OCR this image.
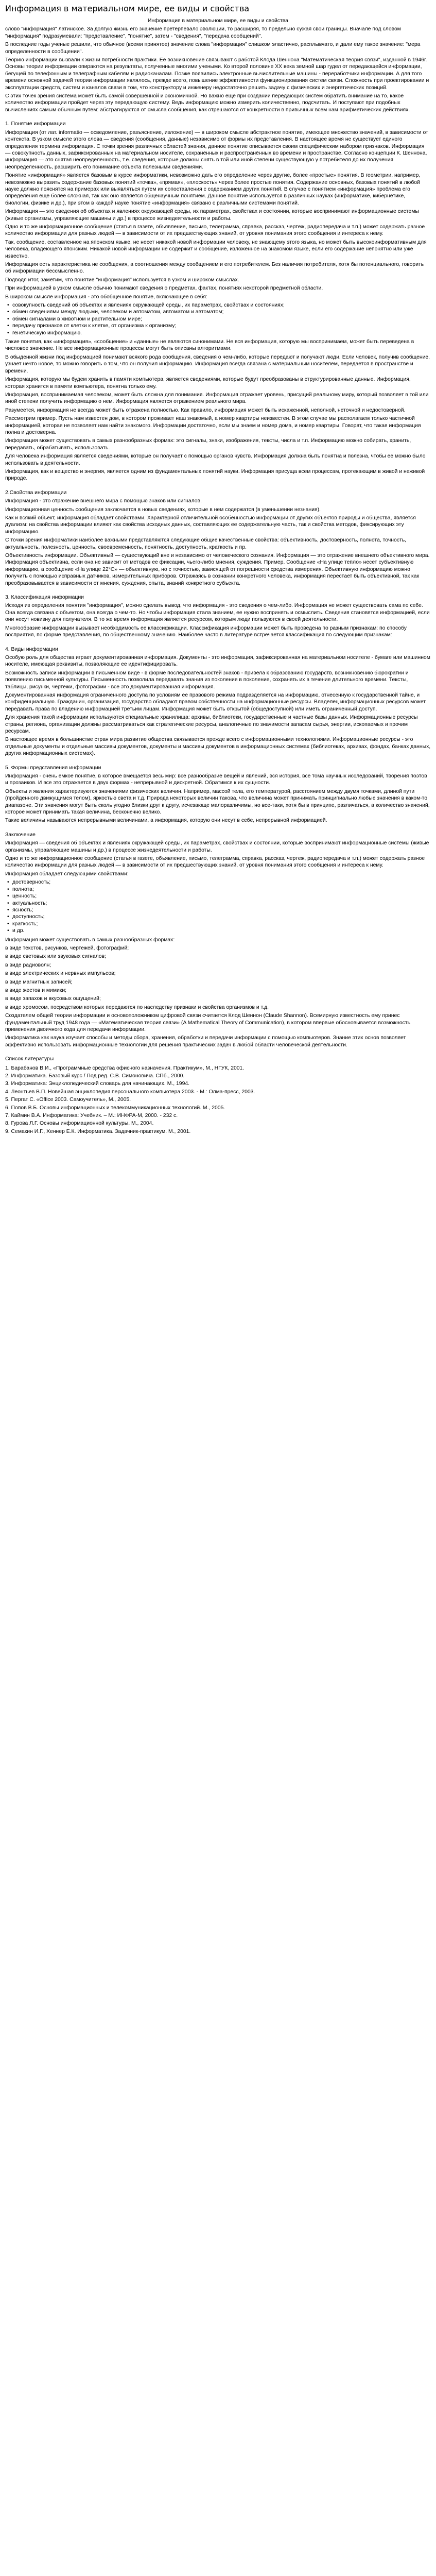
Информация в материальном мире, ее виды и свойства

Информация в материальном мире, ее виды и свойства

слово "информация" латинское. За долгую жизнь его значение претерпевало эволюции, то расширяя, то предельно сужая свои границы. Вначале под словом "информация" подразумевали: "представление", "понятие", затем - "сведения", "передача сообщений".

В последние годы ученые решили, что обычное (всеми принятое) значение слова "информация" слишком эластично, расплывчато, и дали ему такое значение: "мера определенности в сообщении".

Теорию информации вызвали к жизни потребности практики. Ее возникновение связывают с работой Клода Шеннона "Математическая теория связи", изданной в 1946г. Основы теории информации опираются на результаты, полученные многими учеными. Ко второй половине XX века земной шар гудел от передающейся информации, бегущей по телефонным и телеграфным кабелям и радиоканалам. Позже появились электронные вычислительные машины - переработчики информации. А для того времени основной задачей теории информации являлось, прежде всего, повышение эффективности функционирования систем связи. Сложность при проектировании и эксплуатации средств, систем и каналов связи в том, что конструктору и инженеру недостаточно решить задачу с физических и энергетических позиций.

С этих точек зрения система может быть самой совершенной и экономичной. Но важно еще при создании передающих систем обратить внимание на то, какое количество информации пройдет через эту передающую систему. Ведь информацию можно измерить количественно, подсчитать. И поступают при подобных вычислениях самым обычным путем: абстрагируются от смысла сообщения, как отрешаются от конкретности в привычных всем нам арифметических действиях.

1. Понятие информации

Информация (от лат. informatio — осведомление, разъяснение, изложение) — в широком смысле абстрактное понятие, имеющее множество значений, в зависимости от контекста. В узком смысле этого слова — сведения (сообщения, данные) независимо от формы их представления. В настоящее время не существует единого определения термина информация. С точки зрения различных областей знания, данное понятие описывается своим специфическим набором признаков. Информация — совокупность данных, зафиксированных на материальном носителе, сохранённых и распространённых во времени и пространстве. Согласно концепции К. Шеннона, информация — это снятая неопределенность, т.е. сведения, которые должны снять в той или иной степени существующую у потребителя до их получения неопределенность, расширить его понимание объекта полезными сведениями.

Понятие «информация» является базовым в курсе информатики, невозможно дать его определение через другие, более «простые» понятия. В геометрии, например, невозможно выразить содержание базовых понятий «точка», «прямая», «плоскость» через более простые понятия. Содержание основных, базовых понятий в любой науке должно пояснятся на примерах или выявляться путем их сопоставления с содержанием других понятий. В случае с понятием «информация» проблема его определения еще более сложная, так как оно является общенаучным понятием. Данное понятие используется в различных науках (информатике, кибернетике, биологии, физике и др.), при этом в каждой науке понятие «информация» связано с различными системами понятий.

Информация — это сведения об объектах и явлениях окружающей среды, их параметрах, свойствах и состоянии, которые воспринимают информационные системы (живые организмы, управляющие машины и др.) в процессе жизнедеятельности и работы.

Одно и то же информационное сообщение (статья в газете, объявление, письмо, телеграмма, справка, рассказ, чертеж, радиопередача и т.п.) может содержать разное количество информации для разных людей — в зависимости от их предшествующих знаний, от уровня понимания этого сообщения и интереса к нему.

Так, сообщение, составленное на японском языке, не несет никакой новой информации человеку, не знающему этого языка, но может быть высокоинформативным для человека, владеющего японским. Никакой новой информации не содержит и сообщение, изложенное на знакомом языке, если его содержание непонятно или уже известно.

Информация есть характеристика не сообщения, а соотношения между сообщением и его потребителем. Без наличия потребителя, хотя бы потенциального, говорить об информации бессмысленно.

Подводя итог, заметим, что понятие "информация" используется в узком и широком смыслах.

При информацией в узком смысле обычно понимают сведения о предметах, фактах, понятиях некоторой предметной области.

В широком смысле информация - это обобщенное понятие, включающее в себя:

• совокупность сведений об объектах и явлениях окружающей среды, их параметрах, свойствах и состояниях;
• обмен сведениями между людьми, человеком и автоматом, автоматом и автоматом;
• обмен сигналами в животном и растительном мире;
• передачу признаков от клетки к клетке, от организма к организму;
• генетическую информацию.

Такие понятия, как «информация», «сообщение» и «данные» не являются синонимами. Не вся информация, которую мы воспринимаем, может быть переведена в числовое значение. Не все информационные процессы могут быть описаны алгоритмами.

В обыденной жизни под информацией понимают всякого рода сообщения, сведения о чем-либо, которые передают и получают люди. Если человек, получив сообщение, узнает нечто новое, то можно говорить о том, что он получил информацию. Информация всегда связана с материальным носителем, передается в пространстве и времени.

Информация, которую мы будем хранить в памяти компьютера, является сведениями, которые будут преобразованы в структурированные данные. Информация, которая хранится в памяти компьютера, понятна только ему.

Информация, воспринимаемая человеком, может быть сложна для понимания. Информация отражает уровень, присущий реальному миру, который позволяет в той или иной степени получить информацию о нем. Информация является отражением реального мира.

Разумеется, информация не всегда может быть отражена полностью. Как правило, информация может быть искаженной, неполной, неточной и недостоверной.

Рассмотрим пример. Пусть нам известен дом, в котором проживает наш знакомый, а номер квартиры неизвестен. В этом случае мы располагаем только частичной информацией, которая не позволяет нам найти знакомого. Информации достаточно, если мы знаем и номер дома, и номер квартиры. Говорят, что такая информация полна и достоверна.

Информация может существовать в самых разнообразных формах: это сигналы, знаки, изображения, тексты, числа и т.п. Информацию можно собирать, хранить, передавать, обрабатывать, использовать.

Для человека информация является сведениями, которые он получает с помощью органов чувств. Информация должна быть понятна и полезна, чтобы ее можно было использовать в деятельности.

Информация, как и вещество и энергия, является одним из фундаментальных понятий науки. Информация присуща всем процессам, протекающим в живой и неживой природе.

2.Свойства информации

Информация - это отражение внешнего мира с помощью знаков или сигналов.

Информационная ценность сообщения заключается в новых сведениях, которые в нем содержатся (в уменьшении незнания).

Как и всякий объект, информация обладает свойствами. Характерной отличительной особенностью информации от других объектов природы и общества, является дуализм: на свойства информации влияют как свойства исходных данных, составляющих ее содержательную часть, так и свойства методов, фиксирующих эту информацию.

С точки зрения информатики наиболее важными представляются следующие общие качественные свойства: объективность, достоверность, полнота, точность, актуальность, полезность, ценность, своевременность, понятность, доступность, краткость и пр.

Объективность информации. Объективный — существующий вне и независимо от человеческого сознания. Информация — это отражение внешнего объективного мира. Информация объективна, если она не зависит от методов ее фиксации, чьего-либо мнения, суждения. Пример. Сообщение «На улице тепло» несет субъективную информацию, а сообщение «На улице 22°С» — объективную, но с точностью, зависящей от погрешности средства измерения. Объективную информацию можно получить с помощью исправных датчиков, измерительных приборов. Отражаясь в сознании конкретного человека, информация перестает быть объективной, так как преобразовывается в зависимости от мнения, суждения, опыта, знаний конкретного субъекта.

3. Классификация информации

Исходя из определения понятия "информация", можно сделать вывод, что информация - это сведения о чем-либо. Информация не может существовать сама по себе. Она всегда связана с объектом, она всегда о чем-то. Но чтобы информация стала знанием, ее нужно воспринять и осмыслить. Сведения становятся информацией, если они несут новизну для получателя. В то же время информация является ресурсом, которым люди пользуются в своей деятельности.

Многообразие информации вызывает необходимость ее классификации. Классификация информации может быть проведена по разным признакам: по способу восприятия, по форме представления, по общественному значению. Наиболее часто в литературе встречается классификация по следующим признакам:

4. Виды информации

Особую роль для общества играет документированная информация. Документы - это информация, зафиксированная на материальном носителе - бумаге или машинном носителе, имеющая реквизиты, позволяющие ее идентифицировать.

Возможность записи информации в письменном виде - в форме последовательностей знаков - привела к образованию государств, возникновению бюрократии и появлению письменной культуры. Письменность позволила передавать знания из поколения в поколение, сохранять их в течение длительного времени. Тексты, таблицы, рисунки, чертежи, фотографии - все это документированная информация.

Документированная информация ограниченного доступа по условиям ее правового режима подразделяется на информацию, отнесенную к государственной тайне, и конфиденциальную. Гражданин, организация, государство обладают правом собственности на информационные ресурсы. Владелец информационных ресурсов может передавать права по владению информацией третьим лицам. Информация может быть открытой (общедоступной) или иметь ограниченный доступ.

Для хранения такой информации используются специальные хранилища: архивы, библиотеки, государственные и частные базы данных. Информационные ресурсы страны, региона, организации должны рассматриваться как стратегические ресурсы, аналогичные по значимости запасам сырья, энергии, ископаемых и прочим ресурсам.

В настоящее время в большинстве стран мира развитие общества связывается прежде всего с информационными технологиями. Информационные ресурсы - это отдельные документы и отдельные массивы документов, документы и массивы документов в информационных системах (библиотеках, архивах, фондах, банках данных, других информационных системах).

5. Формы представления информации

Информация - очень емкое понятие, в которое вмещается весь мир: все разнообразие вещей и явлений, вся история, все тома научных исследований, творения поэтов и прозаиков. И все это отражается в двух формах - непрерывной и дискретной. Обратимся к их сущности.

Объекты и явления характеризуются значениями физических величин. Например, массой тела, его температурой, расстоянием между двумя точками, длиной пути (пройденного движущимся телом), яркостью света и т.д. Природа некоторых величин такова, что величина может принимать принципиально любые значения в каком-то диапазоне. Эти значения могут быть сколь угодно близки друг к другу, исчезающе малоразличимы, но все-таки, хотя бы в принципе, различаться, а количество значений, которое может принимать такая величина, бесконечно велико.

Такие величины называются непрерывными величинами, а информация, которую они несут в себе, непрерывной информацией.

Заключение

Информация — сведения об объектах и явлениях окружающей среды, их параметрах, свойствах и состоянии, которые воспринимают информационные системы (живые организмы, управляющие машины и др.) в процессе жизнедеятельности и работы.

Одно и то же информационное сообщение (статья в газете, объявление, письмо, телеграмма, справка, рассказ, чертеж, радиопередача и т.п.) может содержать разное количество информации для разных людей — в зависимости от их предшествующих знаний, от уровня понимания этого сообщения и интереса к нему.

Информация обладает следующими свойствами:

• достоверность;
• полнота;
• ценность;
• актуальность;
• ясность;
• доступность;
• краткость;
• и др.

Информация может существовать в самых разнообразных формах:

в виде текстов, рисунков, чертежей, фотографий;

в виде световых или звуковых сигналов;

в виде радиоволн;

в виде электрических и нервных импульсов;

в виде магнитных записей;

в виде жестов и мимики;

в виде запахов и вкусовых ощущений;

в виде хромосом, посредством которых передаются по наследству признаки и свойства организмов и т.д.

Создателем общей теории информации и основоположником цифровой связи считается Клод Шеннон (Claude Shannon). Всемирную известность ему принес фундаментальный труд 1948 года — «Математическая теория связи» (A Mathematical Theory of Communication), в котором впервые обосновывается возможность применения двоичного кода для передачи информации.

Информатика как наука изучает способы и методы сбора, хранения, обработки и передачи информации с помощью компьютеров. Знание этих основ позволяет эффективно использовать информационные технологии для решения практических задач в любой области человеческой деятельности.

Список литературы

1. Барабанов В.И., «Программные средства офисного назначения. Практикум», М., НГУК, 2001.
2. Информатика. Базовый курс / Под ред. С.В. Симоновича. СПб., 2000.
3. Информатика: Энциклопедический словарь для начинающих. М., 1994.
4. Леонтьев В.П. Новейшая энциклопедия персонального компьютера 2003. - М.: Олма-пресс, 2003.
5. Пергат С. «Office 2003. Самоучитель», М., 2005.
6. Попов В.Б. Основы информационных и телекоммуникационных технологий. М., 2005.
7. Каймин В.А. Информатика: Учебник. – М.: ИНФРА-М, 2000. - 232 с.
8. Гурова Л.Г. Основы информационной культуры. М., 2004.
9. Семакин И.Г., Хеннер Е.К. Информатика. Задачник-практикум. М., 2001.
